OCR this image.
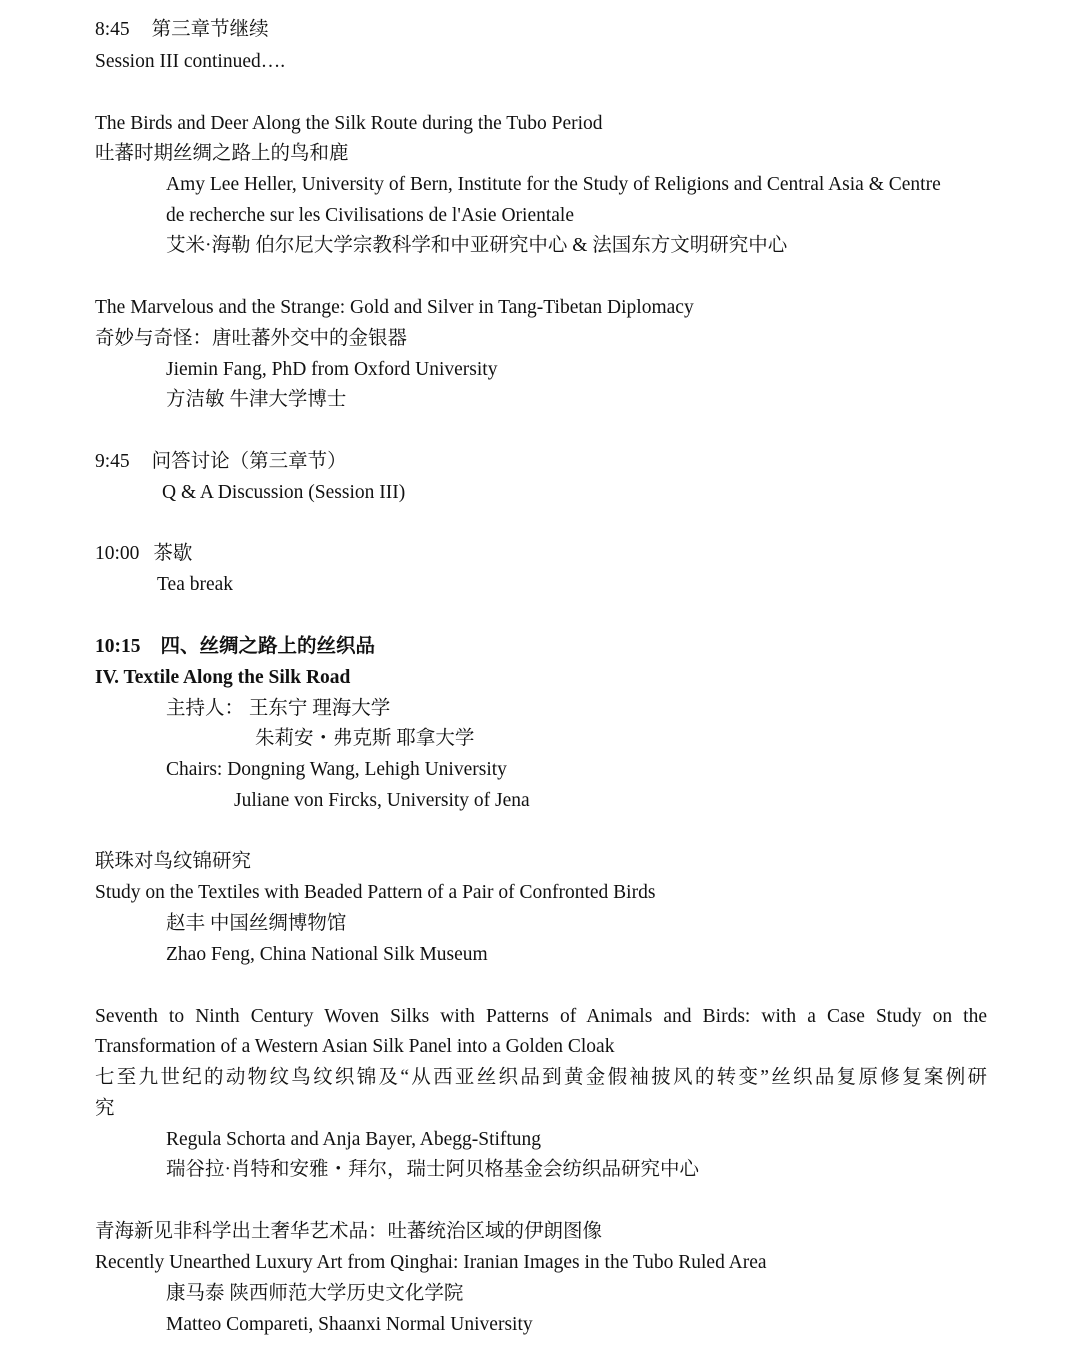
8:45 第三章节继续
Session III continued….
The Birds and Deer Along the Silk Route during the Tubo Period
吐蕃时期丝绸之路上的鸟和鹿
Amy Lee Heller, University of Bern, Institute for the Study of Religions and Central Asia & Centre
de recherche sur les Civilisations de l'Asie Orientale
艾米·海勒 伯尔尼大学宗教科学和中亚研究中心 & 法国东方文明研究中心
The Marvelous and the Strange: Gold and Silver in Tang-Tibetan Diplomacy
奇妙与奇怪：唐吐蕃外交中的金银器
Jiemin Fang, PhD from Oxford University
方洁敏 牛津大学博士
9:45 问答讨论（第三章节）
Q & A Discussion (Session III)
10:00 茶歇
Tea break
10:15 四、丝绸之路上的丝织品
IV. Textile Along the Silk Road
主持人： 王东宁 理海大学
朱莉安・弗克斯 耶拿大学
Chairs: Dongning Wang, Lehigh University
Juliane von Fircks, University of Jena
联珠对鸟纹锦研究
Study on the Textiles with Beaded Pattern of a Pair of Confronted Birds
赵丰 中国丝绸博物馆
Zhao Feng, China National Silk Museum
Seventh to Ninth Century Woven Silks with Patterns of Animals and Birds: with a Case Study on the
Transformation of a Western Asian Silk Panel into a Golden Cloak
七至九世纪的动物纹鸟纹织锦及“从西亚丝织品到黄金假袖披风的转变”丝织品复原修复案例研
究
Regula Schorta and Anja Bayer, Abegg-Stiftung
瑞谷拉·肖特和安雅・拜尔，瑞士阿贝格基金会纺织品研究中心
青海新见非科学出土奢华艺术品：吐蕃统治区域的伊朗图像
Recently Unearthed Luxury Art from Qinghai: Iranian Images in the Tubo Ruled Area
康马泰 陕西师范大学历史文化学院
Matteo Compareti, Shaanxi Normal University
